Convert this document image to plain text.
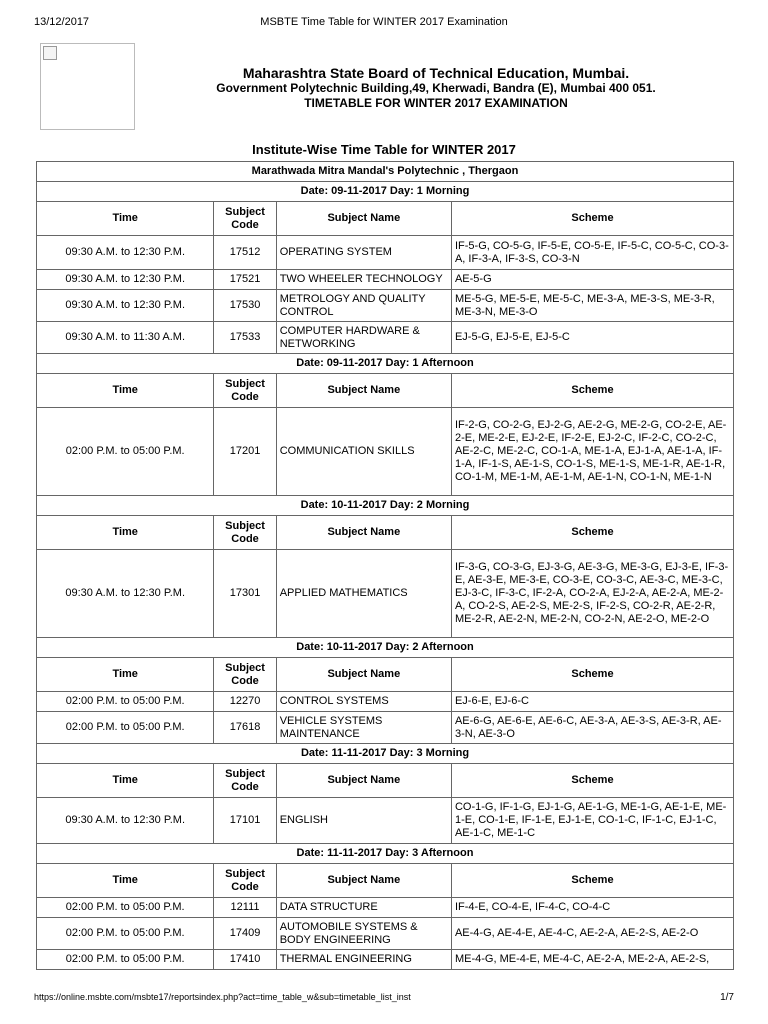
13/12/2017	MSBTE Time Table for WINTER 2017 Examination
Maharashtra State Board of Technical Education, Mumbai.
Government Polytechnic Building,49, Kherwadi, Bandra (E), Mumbai 400 051.
TIMETABLE FOR WINTER 2017 EXAMINATION
Institute-Wise Time Table for WINTER 2017
Marathwada Mitra Mandal's Polytechnic , Thergaon			
Date: 09-11-2017 Day: 1 Morning			
Time	Subject Code	Subject Name	Scheme
09:30 A.M. to 12:30 P.M.	17512	OPERATING SYSTEM	IF-5-G, CO-5-G, IF-5-E, CO-5-E, IF-5-C, CO-5-C, CO-3-A, IF-3-A, IF-3-S, CO-3-N
09:30 A.M. to 12:30 P.M.	17521	TWO WHEELER TECHNOLOGY	AE-5-G
09:30 A.M. to 12:30 P.M.	17530	METROLOGY AND QUALITY CONTROL	ME-5-G, ME-5-E, ME-5-C, ME-3-A, ME-3-S, ME-3-R, ME-3-N, ME-3-O
09:30 A.M. to 11:30 A.M.	17533	COMPUTER HARDWARE & NETWORKING	EJ-5-G, EJ-5-E, EJ-5-C
Date: 09-11-2017 Day: 1 Afternoon			
Time	Subject Code	Subject Name	Scheme
02:00 P.M. to 05:00 P.M.	17201	COMMUNICATION SKILLS	IF-2-G, CO-2-G, EJ-2-G, AE-2-G, ME-2-G, CO-2-E, AE-2-E, ME-2-E, EJ-2-E, IF-2-E, EJ-2-C, IF-2-C, CO-2-C, AE-2-C, ME-2-C, CO-1-A, ME-1-A, EJ-1-A, AE-1-A, IF-1-A, IF-1-S, AE-1-S, CO-1-S, ME-1-S, ME-1-R, AE-1-R, CO-1-M, ME-1-M, AE-1-M, AE-1-N, CO-1-N, ME-1-N
Date: 10-11-2017 Day: 2 Morning			
Time	Subject Code	Subject Name	Scheme
09:30 A.M. to 12:30 P.M.	17301	APPLIED MATHEMATICS	IF-3-G, CO-3-G, EJ-3-G, AE-3-G, ME-3-G, EJ-3-E, IF-3-E, AE-3-E, ME-3-E, CO-3-E, CO-3-C, AE-3-C, ME-3-C, EJ-3-C, IF-3-C, IF-2-A, CO-2-A, EJ-2-A, AE-2-A, ME-2-A, CO-2-S, AE-2-S, ME-2-S, IF-2-S, CO-2-R, AE-2-R, ME-2-R, AE-2-N, ME-2-N, CO-2-N, AE-2-O, ME-2-O
Date: 10-11-2017 Day: 2 Afternoon			
Time	Subject Code	Subject Name	Scheme
02:00 P.M. to 05:00 P.M.	12270	CONTROL SYSTEMS	EJ-6-E, EJ-6-C
02:00 P.M. to 05:00 P.M.	17618	VEHICLE SYSTEMS MAINTENANCE	AE-6-G, AE-6-E, AE-6-C, AE-3-A, AE-3-S, AE-3-R, AE-3-N, AE-3-O
Date: 11-11-2017 Day: 3 Morning			
Time	Subject Code	Subject Name	Scheme
09:30 A.M. to 12:30 P.M.	17101	ENGLISH	CO-1-G, IF-1-G, EJ-1-G, AE-1-G, ME-1-G, AE-1-E, ME-1-E, CO-1-E, IF-1-E, EJ-1-E, CO-1-C, IF-1-C, EJ-1-C, AE-1-C, ME-1-C
Date: 11-11-2017 Day: 3 Afternoon			
Time	Subject Code	Subject Name	Scheme
02:00 P.M. to 05:00 P.M.	12111	DATA STRUCTURE	IF-4-E, CO-4-E, IF-4-C, CO-4-C
02:00 P.M. to 05:00 P.M.	17409	AUTOMOBILE SYSTEMS & BODY ENGINEERING	AE-4-G, AE-4-E, AE-4-C, AE-2-A, AE-2-S, AE-2-O
02:00 P.M. to 05:00 P.M.	17410	THERMAL ENGINEERING	ME-4-G, ME-4-E, ME-4-C, AE-2-A, ME-2-A, AE-2-S,
https://online.msbte.com/msbte17/reportsindex.php?act=time_table_w&sub=timetable_list_inst	1/7
